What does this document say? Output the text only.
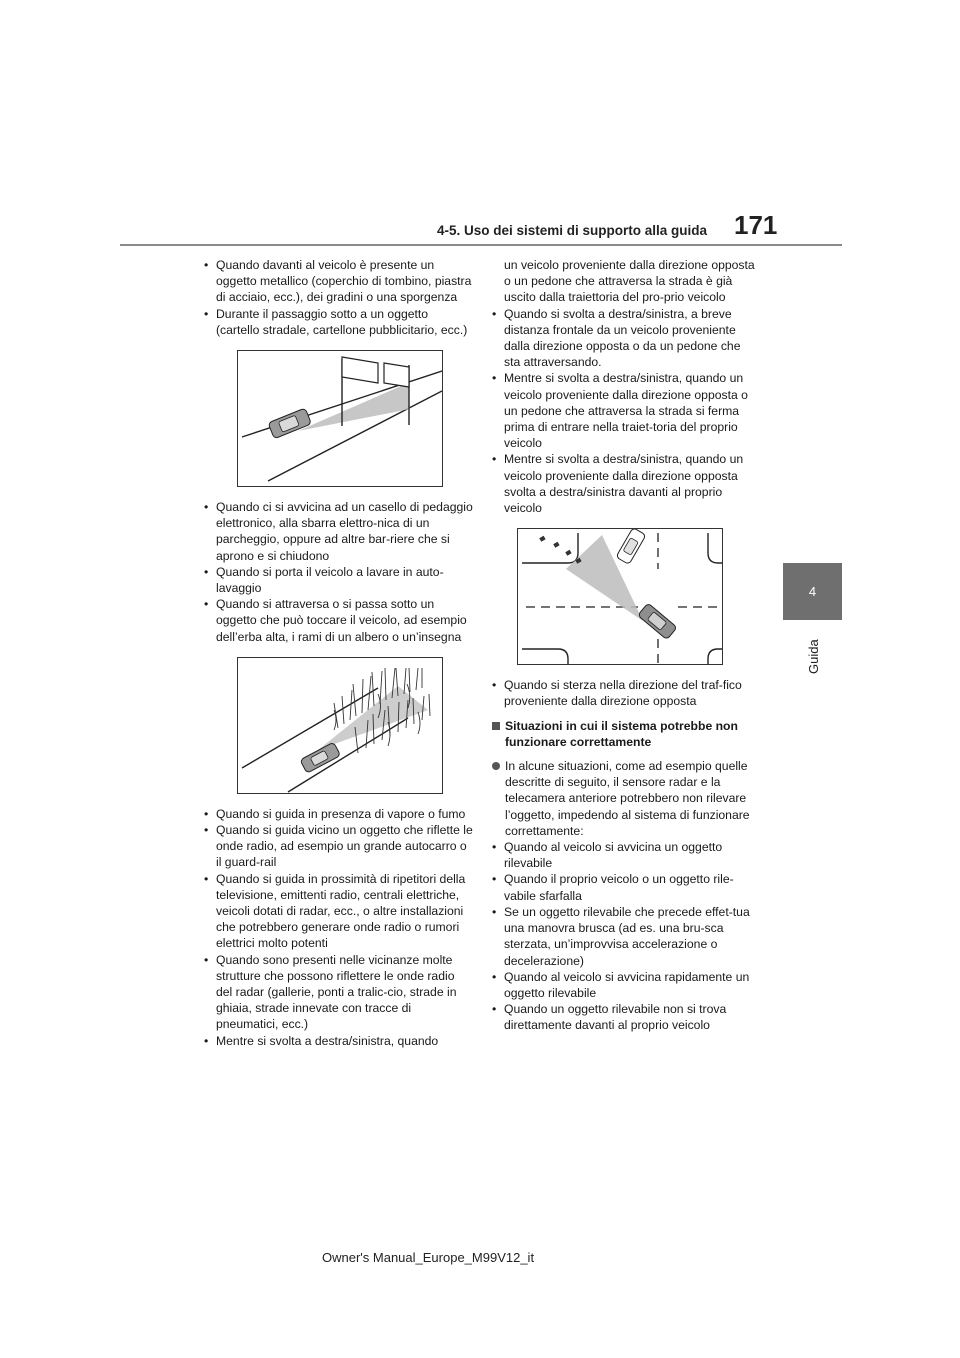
4-5. Uso dei sistemi di supporto alla guida 171
4
Guida
• Quando davanti al veicolo è presente un oggetto metallico (coperchio di tombino, piastra di acciaio, ecc.), dei gradini o una sporgenza
• Durante il passaggio sotto a un oggetto (cartello stradale, cartellone pubblicitario, ecc.)
• Quando ci si avvicina ad un casello di pedaggio elettronico, alla sbarra elettro-nica di un parcheggio, oppure ad altre bar-riere che si aprono e si chiudono
• Quando si porta il veicolo a lavare in auto-lavaggio
• Quando si attraversa o si passa sotto un oggetto che può toccare il veicolo, ad esempio dell’erba alta, i rami di un albero o un’insegna
• Quando si guida in presenza di vapore o fumo
• Quando si guida vicino un oggetto che riflette le onde radio, ad esempio un grande autocarro o il guard-rail
• Quando si guida in prossimità di ripetitori della televisione, emittenti radio, centrali elettriche, veicoli dotati di radar, ecc., o altre installazioni che potrebbero generare onde radio o rumori elettrici molto potenti
• Quando sono presenti nelle vicinanze molte strutture che possono riflettere le onde radio del radar (gallerie, ponti a tralic-cio, strade in ghiaia, strade innevate con tracce di pneumatici, ecc.)
• Mentre si svolta a destra/sinistra, quando
un veicolo proveniente dalla direzione opposta o un pedone che attraversa la strada è già uscito dalla traiettoria del pro-prio veicolo
• Quando si svolta a destra/sinistra, a breve distanza frontale da un veicolo proveniente dalla direzione opposta o da un pedone che sta attraversando.
• Mentre si svolta a destra/sinistra, quando un veicolo proveniente dalla direzione opposta o un pedone che attraversa la strada si ferma prima di entrare nella traiet-toria del proprio veicolo
• Mentre si svolta a destra/sinistra, quando un veicolo proveniente dalla direzione opposta svolta a destra/sinistra davanti al proprio veicolo
• Quando si sterza nella direzione del traf-fico proveniente dalla direzione opposta
Situazioni in cui il sistema potrebbe non funzionare correttamente
In alcune situazioni, come ad esempio quelle descritte di seguito, il sensore radar e la telecamera anteriore potrebbero non rilevare l’oggetto, impedendo al sistema di funzionare correttamente:
• Quando al veicolo si avvicina un oggetto rilevabile
• Quando il proprio veicolo o un oggetto rile-vabile sfarfalla
• Se un oggetto rilevabile che precede effet-tua una manovra brusca (ad es. una bru-sca sterzata, un’improvvisa accelerazione o decelerazione)
• Quando al veicolo si avvicina rapidamente un oggetto rilevabile
• Quando un oggetto rilevabile non si trova direttamente davanti al proprio veicolo
Owner's Manual_Europe_M99V12_it
